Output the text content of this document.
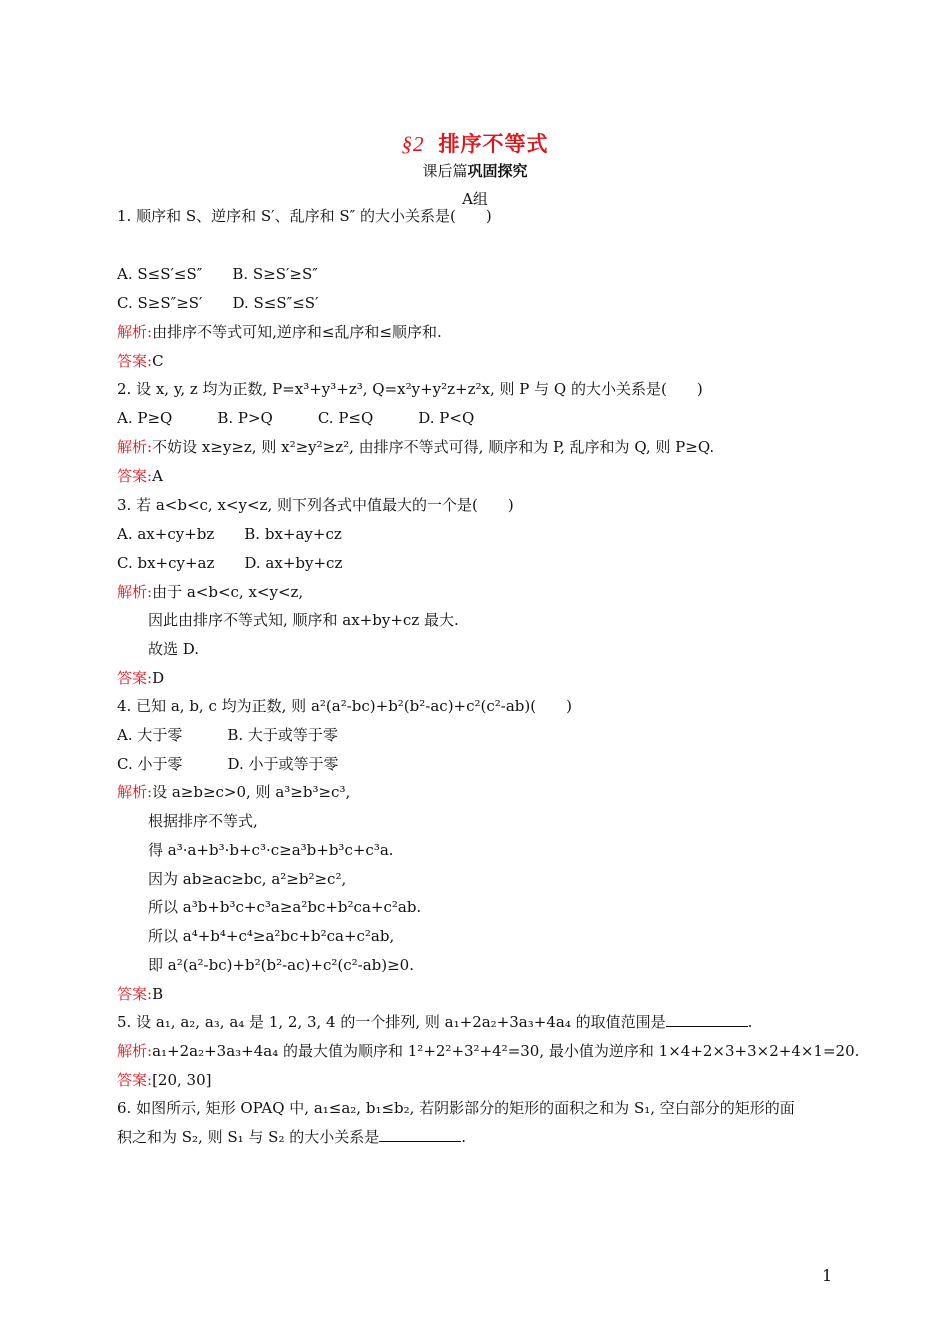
§2 排序不等式
课后篇巩固探究
A组
1. 顺序和 S、逆序和 S′、乱序和 S″ 的大小关系是(　　)
A. S≤S′≤S″　　B. S≥S′≥S″
C. S≥S″≥S′　　D. S≤S″≤S′
解析:由排序不等式可知,逆序和≤乱序和≤顺序和.
答案:C
2. 设 x, y, z 均为正数, P=x³+y³+z³, Q=x²y+y²z+z²x, 则 P 与 Q 的大小关系是(　　)
A. P≥Q　　　B. P>Q　　　C. P≤Q　　　D. P<Q
解析:不妨设 x≥y≥z, 则 x²≥y²≥z², 由排序不等式可得, 顺序和为 P, 乱序和为 Q, 则 P≥Q.
答案:A
3. 若 a<b<c, x<y<z, 则下列各式中值最大的一个是(　　)
A. ax+cy+bz　　B. bx+ay+cz
C. bx+cy+az　　D. ax+by+cz
解析:由于 a<b<c, x<y<z,
因此由排序不等式知, 顺序和 ax+by+cz 最大.
故选 D.
答案:D
4. 已知 a, b, c 均为正数, 则 a²(a²-bc)+b²(b²-ac)+c²(c²-ab)(　　)
A. 大于零　　　B. 大于或等于零
C. 小于零　　　D. 小于或等于零
解析:设 a≥b≥c>0, 则 a³≥b³≥c³,
根据排序不等式,
得 a³·a+b³·b+c³·c≥a³b+b³c+c³a.
因为 ab≥ac≥bc, a²≥b²≥c²,
所以 a³b+b³c+c³a≥a²bc+b²ca+c²ab.
所以 a⁴+b⁴+c⁴≥a²bc+b²ca+c²ab,
即 a²(a²-bc)+b²(b²-ac)+c²(c²-ab)≥0.
答案:B
5. 设 a₁, a₂, a₃, a₄ 是 1, 2, 3, 4 的一个排列, 则 a₁+2a₂+3a₃+4a₄ 的取值范围是	.
解析:a₁+2a₂+3a₃+4a₄ 的最大值为顺序和 1²+2²+3²+4²=30, 最小值为逆序和 1×4+2×3+3×2+4×1=20.
答案:[20, 30]
6. 如图所示, 矩形 OPAQ 中, a₁≤a₂, b₁≤b₂, 若阴影部分的矩形的面积之和为 S₁, 空白部分的矩形的面
积之和为 S₂, 则 S₁ 与 S₂ 的大小关系是	.
1
